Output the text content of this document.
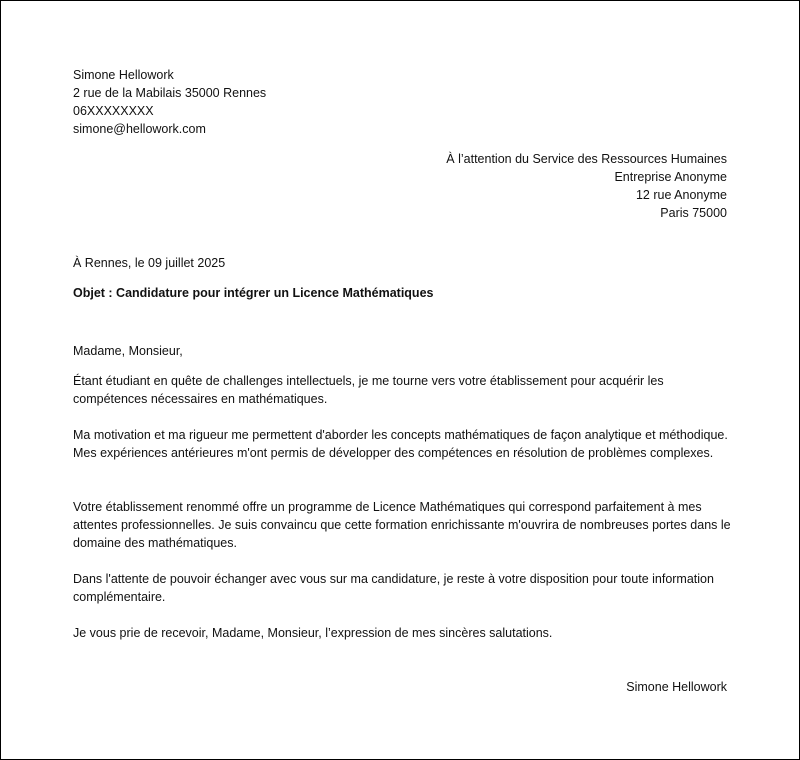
Simone Hellowork
2 rue de la Mabilais 35000 Rennes
06XXXXXXXX
simone@hellowork.com
À l’attention du Service des Ressources Humaines
Entreprise Anonyme
12 rue Anonyme
Paris 75000
À Rennes, le 09 juillet 2025
Objet : Candidature pour intégrer un Licence Mathématiques
Madame, Monsieur,
Étant étudiant en quête de challenges intellectuels, je me tourne vers votre établissement pour acquérir les compétences nécessaires en mathématiques.
Ma motivation et ma rigueur me permettent d'aborder les concepts mathématiques de façon analytique et méthodique. Mes expériences antérieures m'ont permis de développer des compétences en résolution de problèmes complexes.
Votre établissement renommé offre un programme de Licence Mathématiques qui correspond parfaitement à mes attentes professionnelles. Je suis convaincu que cette formation enrichissante m'ouvrira de nombreuses portes dans le domaine des mathématiques.
Dans l'attente de pouvoir échanger avec vous sur ma candidature, je reste à votre disposition pour toute information complémentaire.
Je vous prie de recevoir, Madame, Monsieur, l’expression de mes sincères salutations.
Simone Hellowork
